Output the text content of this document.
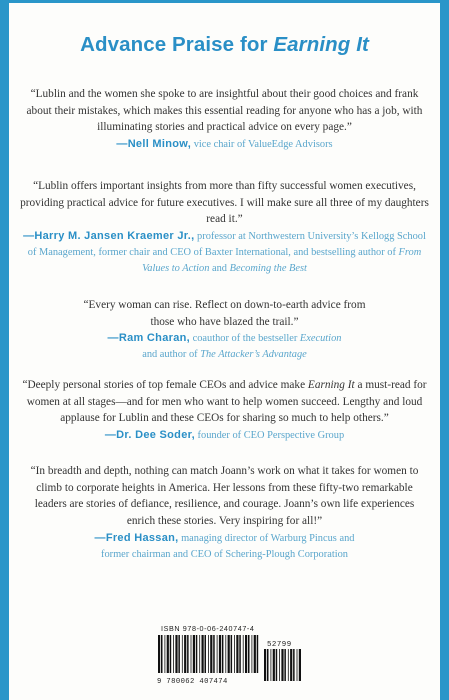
Advance Praise for Earning It

“Lublin and the women she spoke to are insightful about their good choices and frank about their mistakes, which makes this essential reading for anyone who has a job, with illuminating stories and practical advice on every page.”

—Nell Minow, vice chair of ValueEdge Advisors

“Lublin offers important insights from more than fifty successful women executives, providing practical advice for future executives. I will make sure all three of my daughters read it.”

—Harry M. Jansen Kraemer Jr., professor at Northwestern University’s Kellogg School of Management, former chair and CEO of Baxter International, and bestselling author of From Values to Action and Becoming the Best

“Every woman can rise. Reflect on down-to-earth advice from those who have blazed the trail.”

—Ram Charan, coauthor of the bestseller Execution
and author of The Attacker’s Advantage

“Deeply personal stories of top female CEOs and advice make Earning It a must-read for women at all stages—and for men who want to help women succeed. Lengthy and loud applause for Lublin and these CEOs for sharing so much to help others.”

—Dr. Dee Soder, founder of CEO Perspective Group

“In breadth and depth, nothing can match Joann’s work on what it takes for women to climb to corporate heights in America. Her lessons from these fifty-two remarkable leaders are stories of defiance, resilience, and courage. Joann’s own life experiences enrich these stories. Very inspiring for all!”

—Fred Hassan, managing director of Warburg Pincus and former chairman and CEO of Schering-Plough Corporation

ISBN 978-0-06-240747-4
9 780062 407474
52799
